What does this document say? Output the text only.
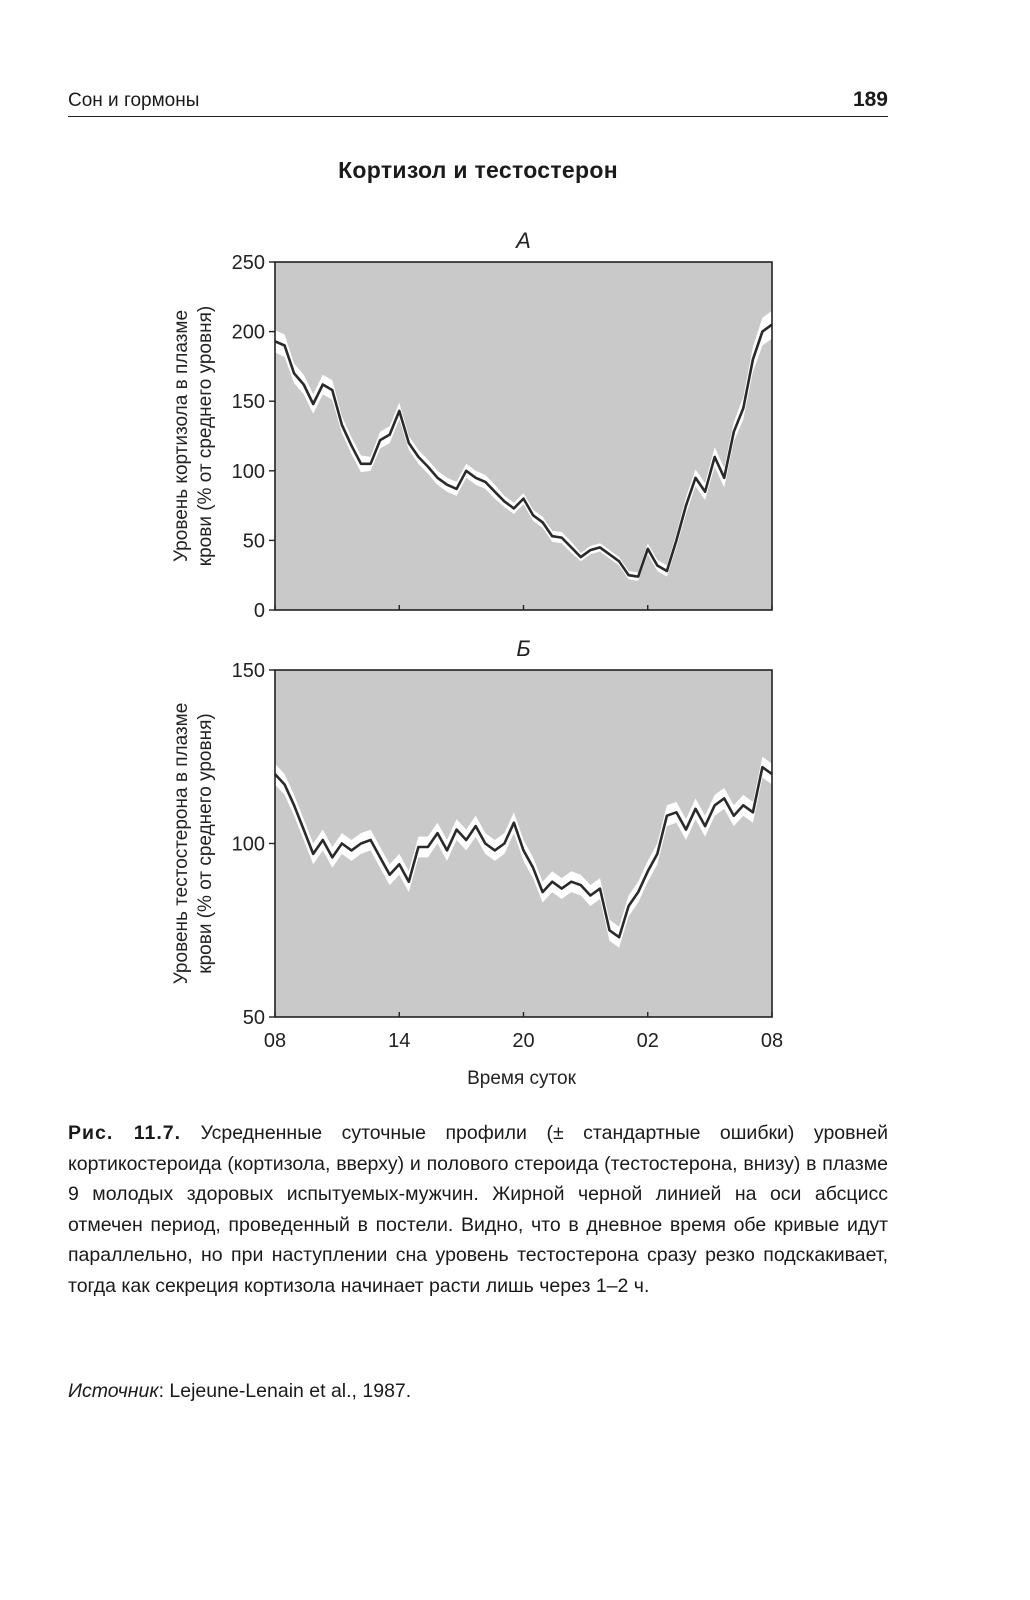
Сон и гормоны	189
Кортизол и тестостерон
0
50
100
150
200
250
А
Уровень кортизола в плазме крови (% от среднего уровня)
50
100
150
Б
Уровень тестостерона в плазме крови (% от среднего уровня)
08	14	20	02	08
Время суток
Рис. 11.7. Усредненные суточные профили (± стандартные ошибки) уровней кортикостероида (кортизола, вверху) и полового стероида (тестостерона, внизу) в плазме 9 молодых здоровых испытуемых-мужчин. Жирной черной линией на оси абсцисс отмечен период, проведенный в постели. Видно, что в дневное время обе кривые идут параллельно, но при наступлении сна уровень тестостерона сразу резко подскакивает, тогда как секреция кортизола начинает расти лишь через 1–2 ч.
Источник: Lejeune-Lenain et al., 1987.
